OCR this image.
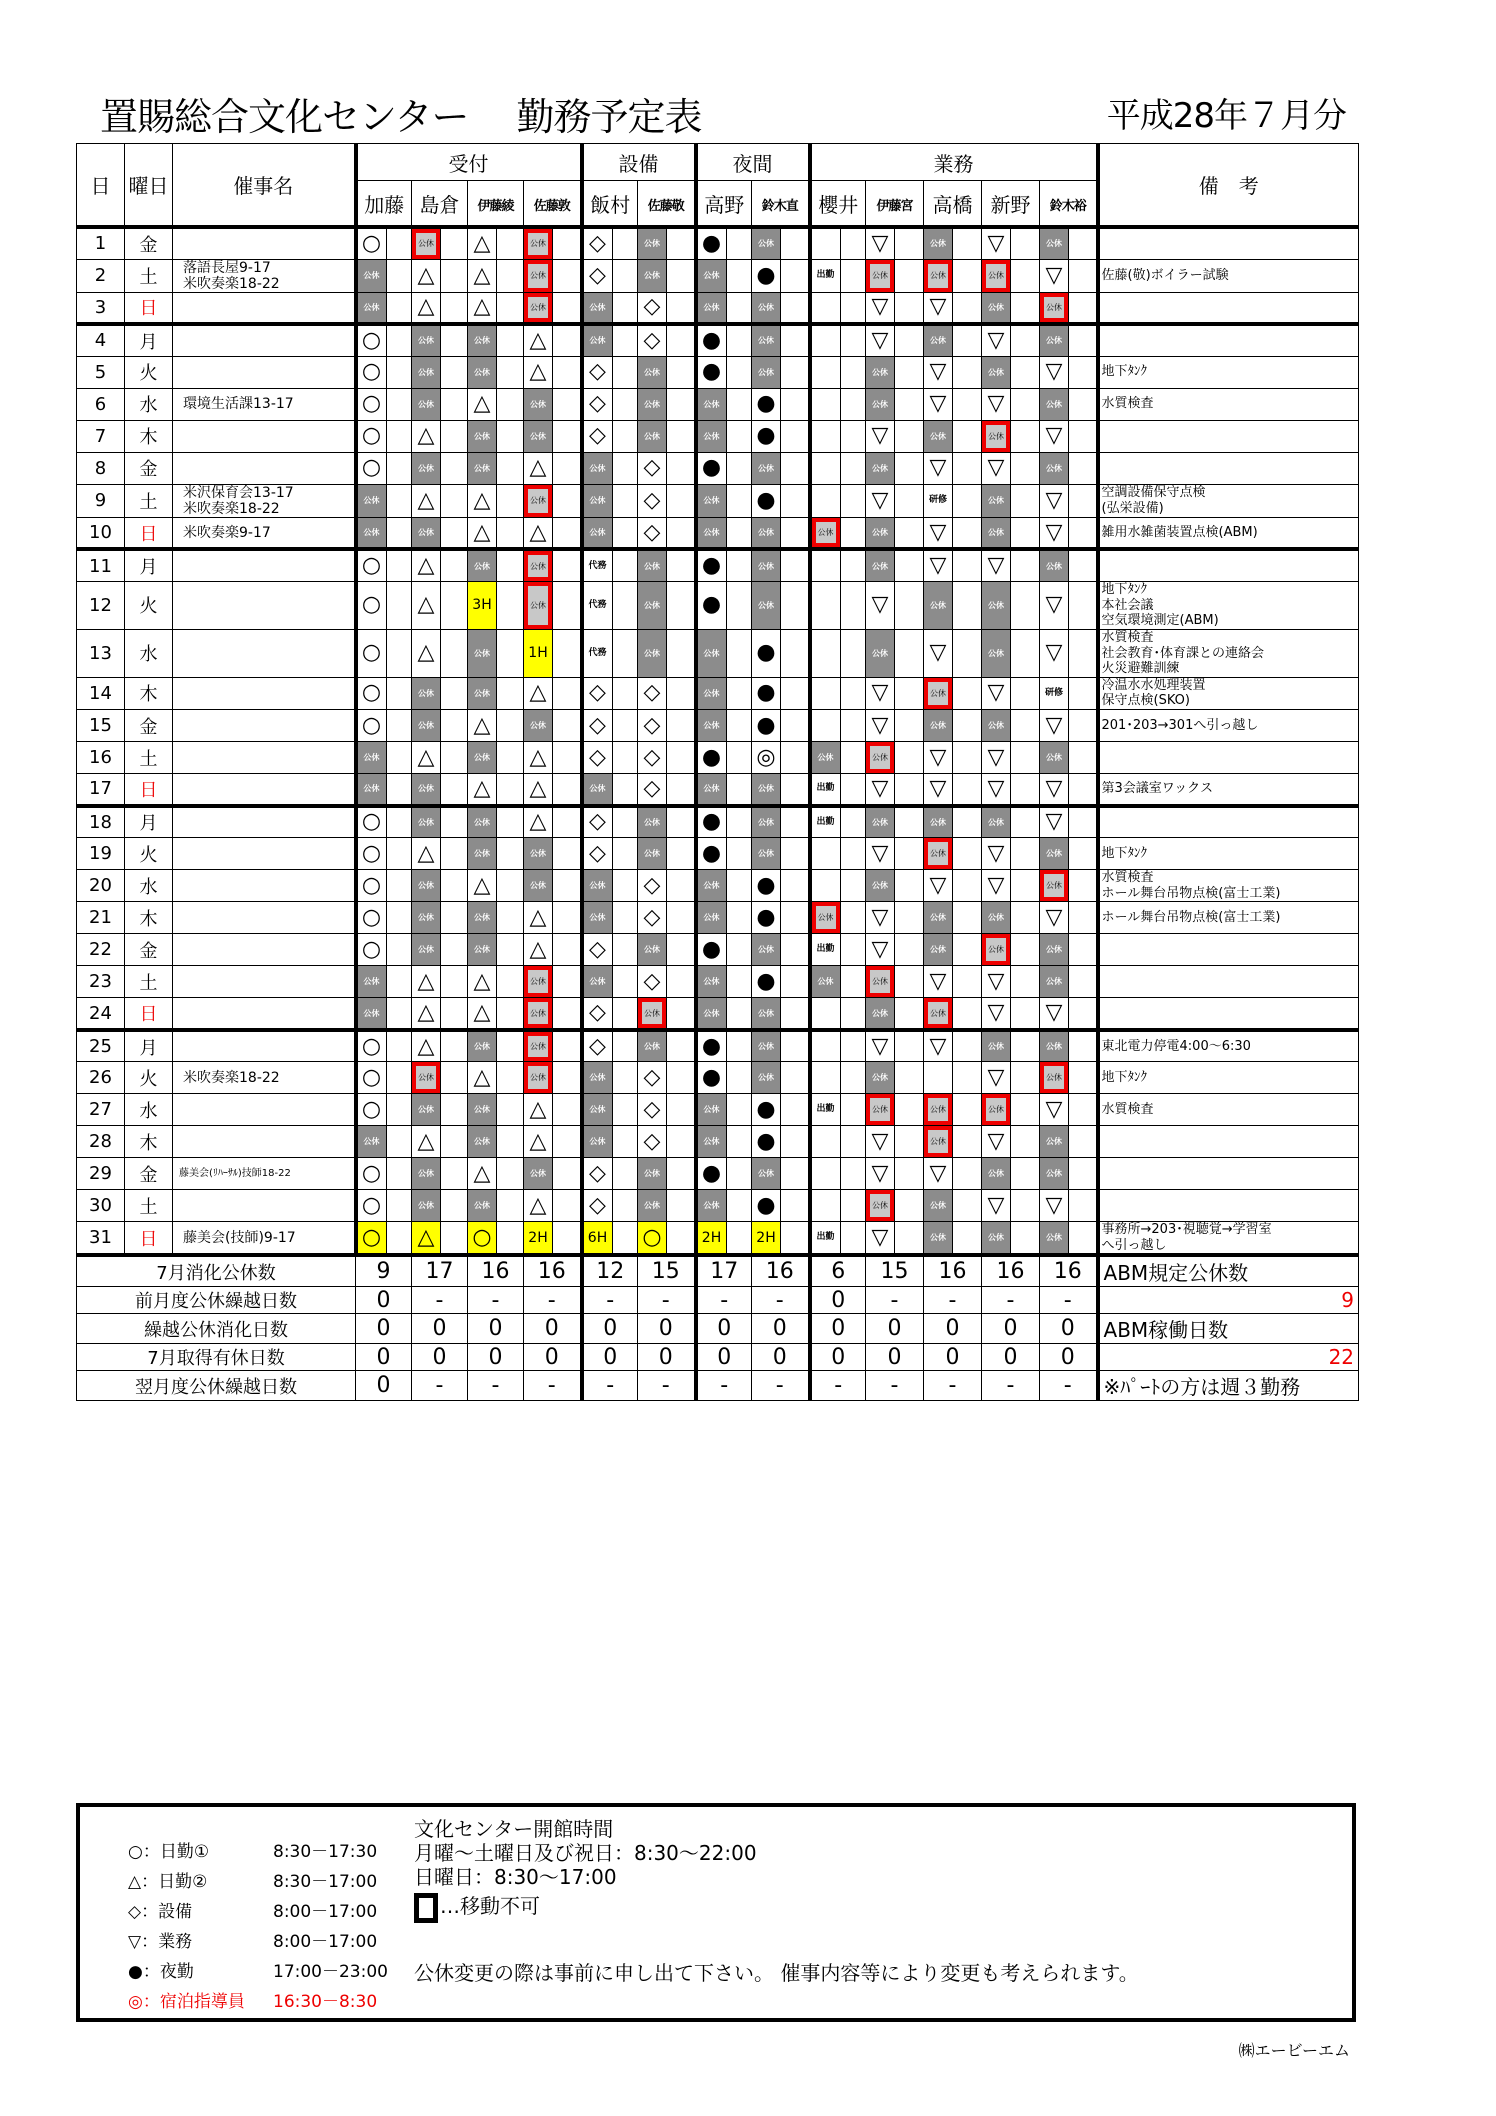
置賜総合文化センター　 勤務予定表	平成28年７月分
日	曜日	催事名	受付				設備		夜間		業務					備　考
			加藤	島倉	伊藤綾	佐藤敦	飯村	佐藤敬	高野	鈴木直	櫻井	伊藤宮	高橋	新野	鈴木裕	
1	金		○	公休	△	公休	◇	公休	●	公休		▽	公休	▽	公休	

2	土	落語長屋9-17
米吹奏楽18-22	公休	△	△	公休	◇	公休	公休	●	出勤	公休	公休	公休	▽	佐藤(敬)ボイラー試験
3	日		公休	△	△	公休	公休	◇	公休	公休		▽	▽	公休	公休	

4	月		○	公休	公休	△	公休	◇	●	公休		▽	公休	▽	公休	

5	火		○	公休	公休	△	◇	公休	●	公休		公休	▽	公休	▽	地下ﾀﾝｸ
6	水	環境生活課13-17	○	公休	△	公休	◇	公休	公休	●		公休	▽	▽	公休	水質検査
7	木		○	△	公休	公休	◇	公休	公休	●		▽	公休	公休	▽	

8	金		○	公休	公休	△	公休	◇	●	公休		公休	▽	▽	公休	

9	土	米沢保育会13-17
米吹奏楽18-22	公休	△	△	公休	公休	◇	公休	●		▽	研修	公休	▽	空調設備保守点検
(弘栄設備)
10	日	米吹奏楽9-17	公休	公休	△	△	公休	◇	公休	公休	公休	公休	▽	公休	▽	雑用水雑菌装置点検(ABM)
11	月		○	△	公休	公休	代務	公休	●	公休		公休	▽	▽	公休	

12	火		○	△	3H	公休	代務	公休	●	公休		▽	公休	公休	▽	地下ﾀﾝｸ
本社会議
空気環境測定(ABM)
13	水		○	△	公休	1H	代務	公休	公休	●		公休	▽	公休	▽	水質検査
社会教育･体育課との連絡会
火災避難訓練
14	木		○	公休	公休	△	◇	◇	公休	●		▽	公休	▽	研修	冷温水水処理装置
保守点検(SKO)
15	金		○	公休	△	公休	◇	◇	公休	●		▽	公休	公休	▽	201･203→301へ引っ越し
16	土		公休	△	公休	△	◇	◇	●	◎	公休	公休	▽	▽	公休	

17	日		公休	公休	△	△	公休	◇	公休	公休	出勤	▽	▽	▽	▽	第3会議室ワックス
18	月		○	公休	公休	△	◇	公休	●	公休	出勤	公休	公休	公休	▽	

19	火		○	△	公休	公休	◇	公休	●	公休		▽	公休	▽	公休	地下ﾀﾝｸ
20	水		○	公休	△	公休	公休	◇	公休	●		公休	▽	▽	公休	水質検査
ホール舞台吊物点検(富士工業)
21	木		○	公休	公休	△	公休	◇	公休	●	公休	▽	公休	公休	▽	ホール舞台吊物点検(富士工業)
22	金		○	公休	公休	△	◇	公休	●	公休	出勤	▽	公休	公休	公休	

23	土		公休	△	△	公休	公休	◇	公休	●	公休	公休	▽	▽	公休	

24	日		公休	△	△	公休	◇	公休	公休	公休		公休	公休	▽	▽	

25	月		○	△	公休	公休	◇	公休	●	公休		▽	▽	公休	公休	東北電力停電4:00～6:30
26	火	米吹奏楽18-22	○	公休	△	公休	公休	◇	●	公休		公休		▽	公休	地下ﾀﾝｸ
27	水		○	公休	公休	△	公休	◇	公休	●	出勤	公休	公休	公休	▽	水質検査
28	木		公休	△	公休	△	公休	◇	公休	●		▽	公休	▽	公休	

29	金	藤美会(ﾘﾊｰｻﾙ)技師18-22	○	公休	△	公休	◇	公休	●	公休		▽	▽	公休	公休	

30	土		○	公休	公休	△	◇	公休	公休	●		公休	公休	▽	▽	

31	日	藤美会(技師)9-17	○	△	○	2H	6H	○	2H	2H	出勤	▽	公休	公休	公休	事務所→203･視聴覚→学習室
へ引っ越し
7月消化公休数			9	17	16	16	12	15	17	16	6	15	16	16	16	ABM規定公休数
前月度公休繰越日数			0	-	-	-	-	-	-	-	0	-	-	-	-	9
繰越公休消化日数			0	0	0	0	0	0	0	0	0	0	0	0	0	ABM稼働日数
7月取得有休日数			0	0	0	0	0	0	0	0	0	0	0	0	0	22
翌月度公休繰越日数			0	-	-	-	-	-	-	-	-	-	-	-	-	※ﾊﾟｰﾄの方は週３勤務
○：日勤①	8:30－17:30
△：日勤②	8:30－17:00
◇：設備	8:00－17:00
▽：業務	8:00－17:00
●：夜勤	17:00－23:00
◎：宿泊指導員 16:30－8:30
文化センター開館時間
月曜～土曜日及び祝日：8:30～22:00
日曜日：8:30～17:00
…移動不可
公休変更の際は事前に申し出て下さい。 催事内容等により変更も考えられます。
㈱エービーエム
